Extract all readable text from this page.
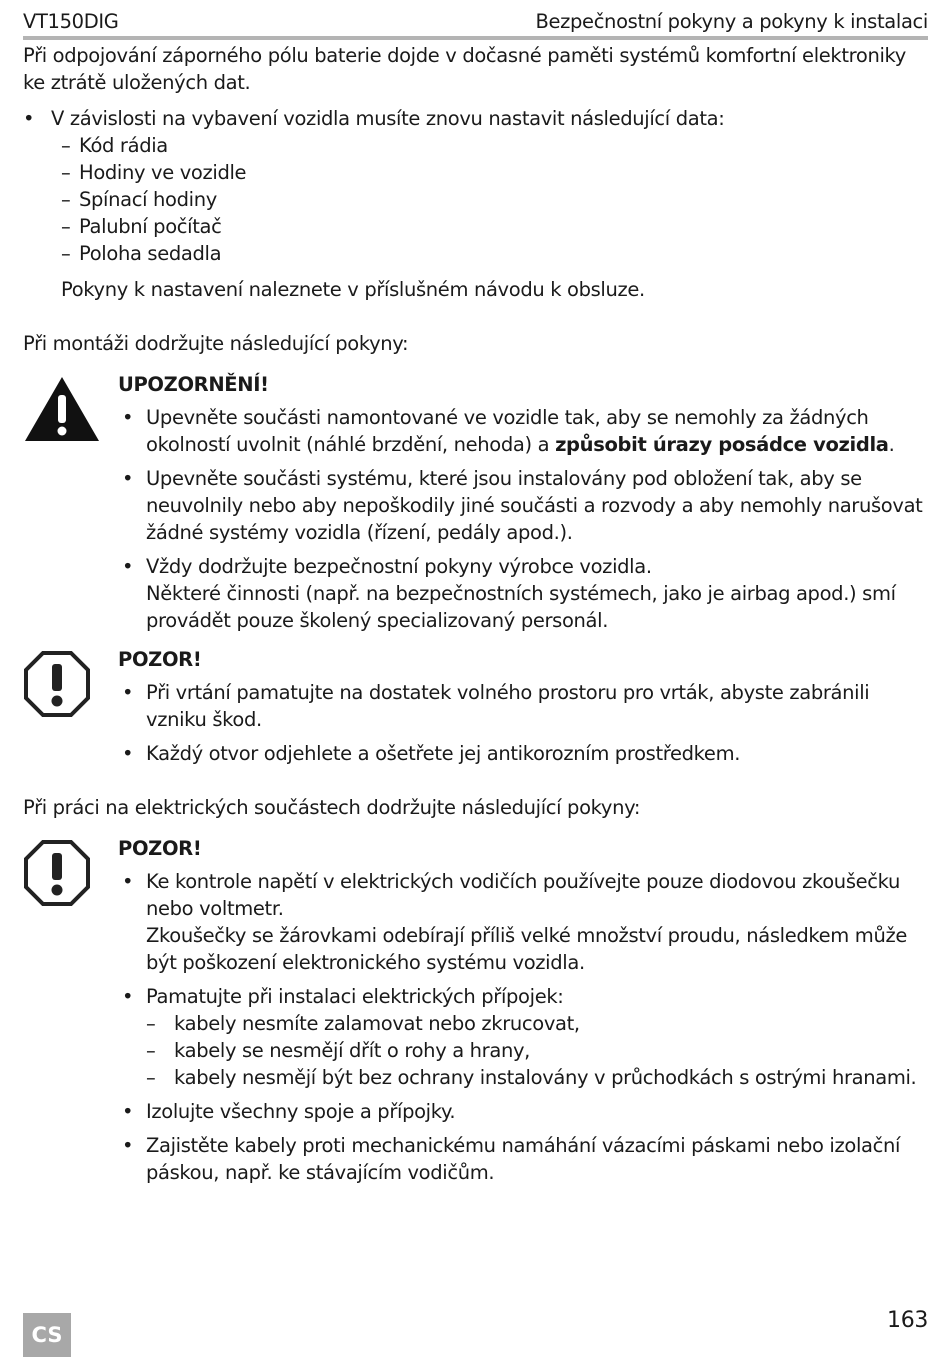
VT150DIG	Bezpečnostní pokyny a pokyny k instalaci

Při odpojování záporného pólu baterie dojde v dočasné paměti systémů komfortní elektroniky ke ztrátě uložených dat.

• V závislosti na vybavení vozidla musíte znovu nastavit následující data:

– Kód rádia
– Hodiny ve vozidle
– Spínací hodiny
– Palubní počítač
– Poloha sedadla

Pokyny k nastavení naleznete v příslušném návodu k obsluze.

Při montáži dodržujte následující pokyny:

UPOZORNĚNÍ!

• Upevněte součásti namontované ve vozidle tak, aby se nemohly za žádných okolností uvolnit (náhlé brzdění, nehoda) a způsobit úrazy posádce vozidla.

• Upevněte součásti systému, které jsou instalovány pod obložení tak, aby se neuvolnily nebo aby nepoškodily jiné součásti a rozvody a aby nemohly narušovat žádné systémy vozidla (řízení, pedály apod.).

• Vždy dodržujte bezpečnostní pokyny výrobce vozidla.

Některé činnosti (např. na bezpečnostních systémech, jako je airbag apod.) smí provádět pouze školený specializovaný personál.

POZOR!

• Při vrtání pamatujte na dostatek volného prostoru pro vrták, abyste zabránili vzniku škod.

• Každý otvor odjehlete a ošetřete jej antikorozním prostředkem.

Při práci na elektrických součástech dodržujte následující pokyny:

POZOR!

• Ke kontrole napětí v elektrických vodičích používejte pouze diodovou zkoušečku nebo voltmetr.

Zkoušečky se žárovkami odebírají příliš velké množství proudu, následkem může být poškození elektronického systému vozidla.

• Pamatujte při instalaci elektrických přípojek:

– kabely nesmíte zalamovat nebo zkrucovat,
– kabely se nesmějí dřít o rohy a hrany,
– kabely nesmějí být bez ochrany instalovány v průchodkách s ostrými hranami.
• Izolujte všechny spoje a přípojky.

• Zajistěte kabely proti mechanickému namáhání vázacími páskami nebo izolační páskou, např. ke stávajícím vodičům.

CS
163
